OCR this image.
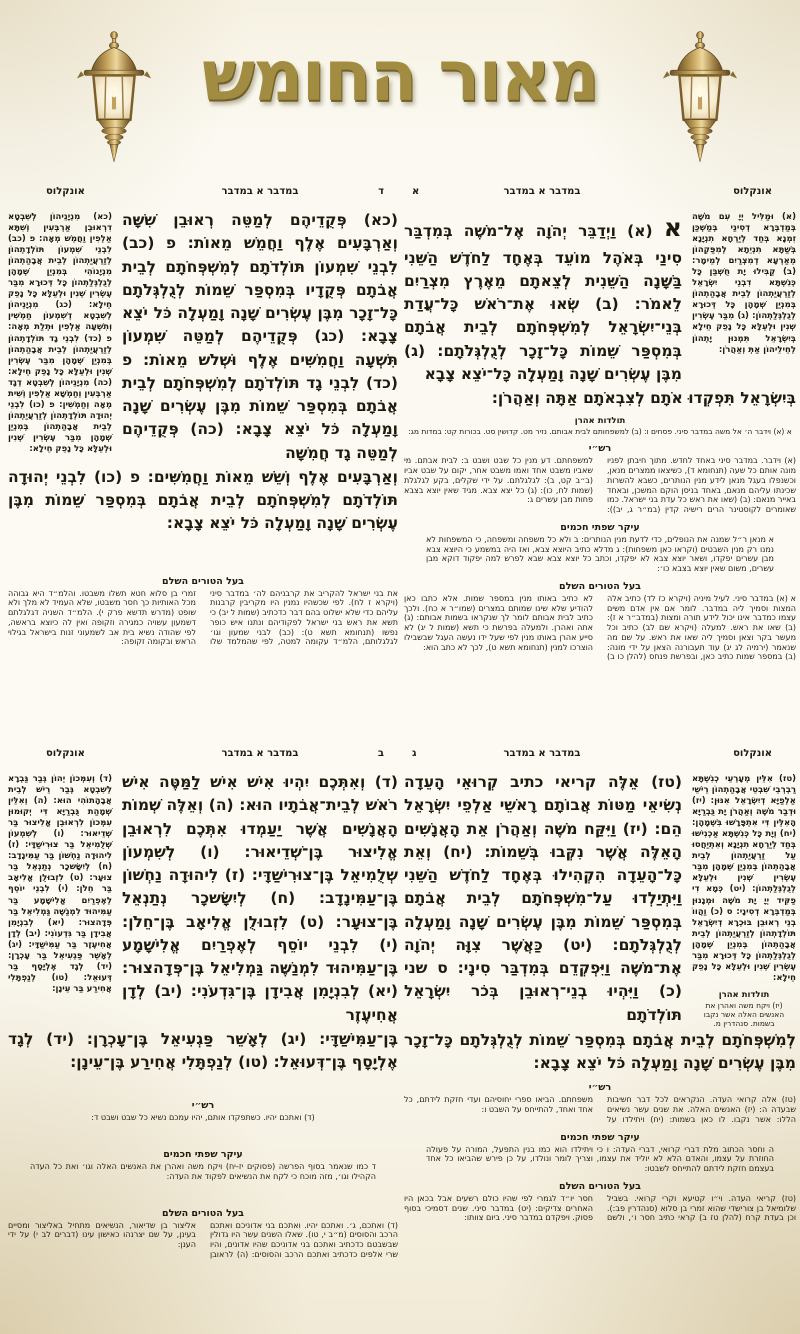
מאור החומש
א	במדבר א במדבר	אונקלוס

(א) וּמַלִּיל יְיָ עִם מֹשֶׁה בְּמַדְבְּרָא דְסִינַי בְּמַשְׁכַּן זִמְנָא בְּחַד לְיַרְחָא תִנְיָנָא בְּשַׁתָּא תִנְיֵתָא לְמִפַּקְהוֹן מֵאַרְעָא דְמִצְרַיִם לְמֵימָר: (ב) קַבִּילוּ יָת חֻשְׁבַּן כָּל כְּנִשְׁתָּא דִבְנֵי יִשְׂרָאֵל לְזַרְעֲיַתְהוֹן לְבֵית אֲבָהַתְהוֹן בְּמִנְיַן שְׁמָהָן כָּל דְּכוּרָא לְגֻלְגְּלַתְהוֹן: (ג) מִבַּר עֶשְׂרִין שְׁנִין וּלְעֵלָּא כָּל נָפֵק חֵילָא בְּיִשְׂרָאֵל תִּמְנוּן יָתְהוֹן לְחֵילֵיהוֹן אַתְּ וְאַהֲרֹן:

א (א) וַיְדַבֵּר יְהֹוָה אֶל־מֹשֶׁה בְּמִדְבַּר סִינַי בְּאֹהֶל מוֹעֵד בְּאֶחָד לַחֹדֶשׁ הַשֵּׁנִי בַּשָּׁנָה הַשֵּׁנִית לְצֵאתָם מֵאֶרֶץ מִצְרַיִם לֵאמֹר: (ב) שְׂאוּ אֶת־רֹאשׁ כָּל־עֲדַת בְּנֵי־יִשְׂרָאֵל לְמִשְׁפְּחֹתָם לְבֵית אֲבֹתָם בְּמִסְפַּר שֵׁמוֹת כָּל־זָכָר לְגֻלְגְּלֹתָם: (ג) מִבֶּן עֶשְׂרִים שָׁנָה וָמַעְלָה כָּל־יֹצֵא צָבָא

בְּיִשְׂרָאֵל תִּפְקְדוּ אֹתָם לְצִבְאֹתָם אַתָּה וְאַהֲרֹן:

תולדות אהרן

א (א) וידבר ה׳ אל משה במדבר סיני. פסחים ו: (ב) למשפחותם לבית אבותם. נזיר מט. קדושין סט. בכורות קט: במדות מג:

רש״י

(א) וידבר. במדבר סיני באחד לחדש. מתוך חיבתן לפניו מונה אותם כל שעה (תנחומא ד), כשיצאו ממצרים מנאן, וכשנפלו בעגל מנאן לידע מנין הנותרים, כשבא להשרות שכינתו עליהם מנאם, באחד בניסן הוקם המשכן, ובאחד באייר מנאם: (ב) (שאו את ראש כל עדת בני ישראל. כמו שאומרים לקוסטינר הרים רישיה קדין (במ״ר ג, יב)): למשפחתם. דע מנין כל שבט ושבט ב: לבית אבתם. מי שאביו משבט אחד ואמו משבט אחר, יקום על שבט אביו (ב״ב קט, ב): לגלגלתם. על ידי שקלים, בקע לגלגלת (שמות לח, כו): (ג) כל יצא צבא. מגיד שאין יוצא בצבא פחות מבן עשרים ג:

עיקר שפתי חכמים

א מנאן ר״ל שמנה את הנופלים, כדי לדעת מנין הנותרים: ב ולא כל משפחה ומשפחה, כי המשפחות לא נמנו רק מנין השבטים (וקראו כאן משפחות): ג מדלא כתיב היוצא צבא, ואז היה במשמע כי היוצא צבא מבן עשרים יפקדו, ושאר יוצא צבא לא יפקדו, וכתב כל יוצא צבא שבא לפרש למה יפקוד דוקא מבן עשרים, משום שאין יוצא בצבא כו׳:

בעל הטורים השלם

א (א) במדבר סיני. לעיל מיניה (ויקרא כז לד) כתיב אלה המצות וסמיך ליה במדבר. לומר אם אין אדם משים עצמו כמדבר אינו יכול לידע תורה ומצות (במדב״ר א ז): (ב) שאו את ראש. למעלה (ויקרא שם לב) כתיב וכל מעשר בקר וצאן וסמיך ליה שאו את ראש. על שם מה שנאמר (ירמיה לג יג) עוד תעבורנה הצאן על ידי מונה: (ב) במספר שמות כתיב כאן, ובפרשת פנחס (להלן כו ב) לא כתיב באותו מנין במספר שמות. אלא כתבו כאן להודיע שלא שינו שמותם במצרים (שמו״ר א כח). ולכך כתיב לבית אבותם לומר לך שנקראו בשמות אבותם: (ג) אתה ואהרן. ולמעלה בפרשת כי תשא (שמות ל יג) לא סייע אהרן באותו מנין לפי שעל ידו נעשה העגל שבשבילו הוצרכו למנין (תנחומא תשא ט), לכך לא כתב הוא:

ד
במדבר א במדבר
אונקלוס

(כא) פְּקֻדֵיהֶם לְמַטֵּה רְאוּבֵן שִׁשָּׁה וְאַרְבָּעִים אֶלֶף וַחֲמֵשׁ מֵאוֹת: פ (כב) לִבְנֵי שִׁמְעוֹן תּוֹלְדֹתָם לְמִשְׁפְּחֹתָם לְבֵית אֲבֹתָם פְּקֻדָיו בְּמִסְפַּר שֵׁמוֹת לְגֻלְגְּלֹתָם כָּל־זָכָר מִבֶּן עֶשְׂרִים שָׁנָה וָמַעְלָה כֹּל יֹצֵא צָבָא: (כג) פְּקֻדֵיהֶם לְמַטֵּה שִׁמְעוֹן תִּשְׁעָה וַחֲמִשִּׁים אֶלֶף וּשְׁלֹשׁ מֵאוֹת: פ (כד) לִבְנֵי גָד תּוֹלְדֹתָם לְמִשְׁפְּחֹתָם לְבֵית אֲבֹתָם בְּמִסְפַּר שֵׁמוֹת מִבֶּן עֶשְׂרִים שָׁנָה וָמַעְלָה כֹּל יֹצֵא צָבָא: (כה) פְּקֻדֵיהֶם לְמַטֵּה גָד חֲמִשָּׁה

(כא) מִנְיָנֵיהוֹן לְשִׁבְטָא דִרְאוּבֵן אַרְבְּעִין וְשִׁתָּא אַלְפִין וַחֲמֵשׁ מְאָה: פ (כב) לִבְנֵי שִׁמְעוֹן תּוֹלְדָתְהוֹן לְזַרְעֲיַתְהוֹן לְבֵית אֲבָהַתְהוֹן מִנְיָנוֹהִי בְּמִנְיַן שְׁמָהָן לְגֻלְגְּלַתְהוֹן כָּל דְּכוּרָא מִבַּר עֶשְׂרִין שְׁנִין וּלְעֵלָּא כָּל נָפֵק חֵילָא: (כג) מִנְיָנֵיהוֹן לְשִׁבְטָא דְשִׁמְעוֹן חַמְשִׁין וְתִשְׁעָה אַלְפִין וּתְלַת מְאָה: פ (כד) לִבְנֵי גָד תּוֹלְדָתְהוֹן לְזַרְעֲיַתְהוֹן לְבֵית אֲבָהַתְהוֹן בְּמִנְיַן שְׁמָהָן מִבַּר עֶשְׂרִין שְׁנִין וּלְעֵלָּא כָּל נָפֵק חֵילָא: (כה) מִנְיָנֵיהוֹן לְשִׁבְטָא דְגָד אַרְבְּעִין וְחַמְשָׁא אַלְפִין וְשִׁית מְאָה וְחַמְשִׁין: פ (כו) לִבְנֵי יְהוּדָה תּוֹלְדָתְהוֹן לְזַרְעֲיַתְהוֹן לְבֵית אֲבָהַתְהוֹן בְּמִנְיַן שְׁמָהָן מִבַּר עֶשְׂרִין שְׁנִין וּלְעֵלָּא כָּל נָפֵק חֵילָא:

וְאַרְבָּעִים אֶלֶף וְשֵׁשׁ מֵאוֹת וַחֲמִשִּׁים: פ (כו) לִבְנֵי יְהוּדָה תּוֹלְדֹתָם לְמִשְׁפְּחֹתָם לְבֵית אֲבֹתָם בְּמִסְפַּר שֵׁמוֹת מִבֶּן עֶשְׂרִים שָׁנָה וָמַעְלָה כֹּל יֹצֵא צָבָא:

בעל הטורים השלם

את בני ישראל להקריב את קרבניהם לה׳ במדבר סיני (ויקרא ז לח). לפי שכשהיו נמנין היו מקריבין קרבנות עליהם כדי שלא ישלוט בהם דבר כדכתיב (שמות ל יב) כי תשא את ראש בני ישראל לפקודיהם ונתנו איש כופר נפשו (תנחומא תשא ט): (כב) לבני שמעון וגו׳ לגלגלותם, הלמ״ד עקומה למטה, לפי שהמלמד שלו זמרי בן סלוא חטא תשלו משבטו. והלמ״ד היא גבוהה מכל האותיות כך חסר משבטו, שלא העמיד לא מלך ולא שופט (מדרש תדשא פרק י). הלמ״ד השניה דגלגלתם דשמעון עשויה כמגירה וזקופה ואין לה כיוצא בראשה, לפי שהודה נשיא בית אב לשמעוני זנות בישראל בגילוי הראש ובקומה זקופה:

ג	במדבר א במדבר	אונקלוס

(טז) אִלֵּין מְעָרְעֵי כְנִשְׁתָּא רַבְרְבֵי שִׁבְטֵי אֲבָהַתְהוֹן רֵישֵׁי אַלְפַיָּא דְיִשְׂרָאֵל אִנּוּן: (יז) וּדְבַר מֹשֶׁה וְאַהֲרֹן יָת גֻּבְרַיָּא הָאִלֵּין דִּי אִתְפָּרָשׁוּ בִּשְׁמָהָן: (יח) וְיָת כָּל כְּנִשְׁתָּא אַכְנִישׁוּ בְּחַד לְיַרְחָא תִנְיָנָא וְאִתְיַחֲסוּ עַל זַרְעֲיַתְהוֹן לְבֵית אֲבָהַתְהוֹן בְּמִנְיַן שְׁמָהָן מִבַּר עֶשְׂרִין שְׁנִין וּלְעֵלָּא לְגֻלְגְּלַתְהוֹן: (יט) כְּמָא דִי פַקִּיד יְיָ יָת מֹשֶׁה וּמְנָנוּן בְּמַדְבְּרָא דְסִינָי: ס (כ) וַהֲווֹ בְנֵי רְאוּבֵן בּוּכְרָא דְיִשְׂרָאֵל תּוֹלְדָתְהוֹן לְזַרְעֲיַתְהוֹן לְבֵית אֲבָהַתְהוֹן בְּמִנְיַן שְׁמָהָן לְגֻלְגְּלַתְהוֹן כָּל דְּכוּרָא מִבַּר עֶשְׂרִין שְׁנִין וּלְעֵלָּא כָּל נָפֵק חֵילָא:

תולדות אהרן

(יז) ויקח משה ואהרן את האנשים האלה אשר נקבו בשמות. סנהדרין מ.

(טז) אֵלֶּה קריאי כתיב קְרוּאֵי הָעֵדָה נְשִׂיאֵי מַטּוֹת אֲבוֹתָם רָאשֵׁי אַלְפֵי יִשְׂרָאֵל הֵם: (יז) וַיִּקַּח מֹשֶׁה וְאַהֲרֹן אֵת הָאֲנָשִׁים הָאֵלֶּה אֲשֶׁר נִקְּבוּ בְּשֵׁמוֹת: (יח) וְאֵת כָּל־הָעֵדָה הִקְהִילוּ בְּאֶחָד לַחֹדֶשׁ הַשֵּׁנִי וַיִּתְיַלְדוּ עַל־מִשְׁפְּחֹתָם לְבֵית אֲבֹתָם בְּמִסְפַּר שֵׁמוֹת מִבֶּן עֶשְׂרִים שָׁנָה וָמַעְלָה לְגֻלְגְּלֹתָם: (יט) כַּאֲשֶׁר צִוָּה יְהֹוָה אֶת־מֹשֶׁה וַיִּפְקְדֵם בְּמִדְבַּר סִינָי: ס שני (כ) וַיִּהְיוּ בְנֵי־רְאוּבֵן בְּכֹר יִשְׂרָאֵל תּוֹלְדֹתָם

לְמִשְׁפְּחֹתָם לְבֵית אֲבֹתָם בְּמִסְפַּר שֵׁמוֹת לְגֻלְגְּלֹתָם כָּל־זָכָר מִבֶּן עֶשְׂרִים שָׁנָה וָמַעְלָה כֹּל יֹצֵא צָבָא:

רש״י

(טז) אלה קרואי העדה. הנקראים לכל דבר חשיבות שבעדה ה: (יז) האנשים האלה. את שנים עשר נשיאים הללו: אשר נקבו. לו כאן בשמות: (יח) ויתילדו על משפחתם. הביאו ספרי יחוסיהם ועדי חזקת לידתם, כל אחד ואחד, להתייחס על השבט ו:

עיקר שפתי חכמים

ה וחסר הכתוב מלת דברי קרואי, דברי העדה: ו כי ויתילדו הוא כמו בנין התפעל, המורה על פעולה החוזרת על עצמו, והאדם הלא לא יוליד את עצמו, וצריך לומר ונולדו, על כן פירש שהביאו כל אחד בעצמם חזקת לידתם להתייחס לשבטו:

בעל הטורים השלם

(טז) קריאי העדה. וי״ו קטיעא וקרי קרואי. בשביל שלומיאל בן צורישדי שהוא זמרי בן סלוא (סנהדרין פב:). וכן בעדת קרח (להלן טז ב) קראי כתיב חסר ו׳, ולשם חסר יו״ד לגמרי לפי שהיו כולם רשעים אבל בכאן היו האחרים צדיקים: (יט) במדבר סיני. שנים דסמיכי בסוף פסוק. ויפקדם במדבר סיני. ביום צוותו:

ב
במדבר א במדבר
אונקלוס

(ד) וְאִתְּכֶם יִהְיוּ אִישׁ אִישׁ לַמַּטֶּה אִישׁ רֹאשׁ לְבֵית־אֲבֹתָיו הוּא: (ה) וְאֵלֶּה שְׁמוֹת הָאֲנָשִׁים אֲשֶׁר יַעַמְדוּ אִתְּכֶם לִרְאוּבֵן אֱלִיצוּר בֶּן־שְׁדֵיאוּר: (ו) לְשִׁמְעוֹן שְׁלֻמִיאֵל בֶּן־צוּרִישַׁדָּי: (ז) לִיהוּדָה נַחְשׁוֹן בֶּן־עַמִּינָדָב: (ח) לְיִשָּׂשכָר נְתַנְאֵל בֶּן־צוּעָר: (ט) לִזְבוּלֻן אֱלִיאָב בֶּן־חֵלֹן: (י) לִבְנֵי יוֹסֵף לְאֶפְרַיִם אֱלִישָׁמָע בֶּן־עַמִּיהוּד לִמְנַשֶּׁה גַּמְלִיאֵל בֶּן־פְּדָהצוּר: (יא) לְבִנְיָמִן אֲבִידָן בֶּן־גִּדְעֹנִי: (יב) לְדָן אֲחִיעֶזֶר

(ד) וְעִמְּכוֹן יְהוֹן גְּבַר גַּבְרָא לְשִׁבְטָא גְּבַר רֵישׁ לְבֵית אֲבָהָתוֹהִי הוּא: (ה) וְאִלֵּין שְׁמָהַת גֻּבְרַיָּא דִּי יְקוּמוּן עִמְּכוֹן לִרְאוּבֵן אֱלִיצוּר בַּר שְׁדֵיאוּר: (ו) לְשִׁמְעוֹן שְׁלֻמִיאֵל בַּר צוּרִישַׁדָּי: (ז) לִיהוּדָה נַחְשׁוֹן בַּר עַמִּינָדָב: (ח) לְיִשָּׂשכָר נְתַנְאֵל בַּר צוּעָר: (ט) לִזְבוּלֻן אֱלִיאָב בַּר חֵלֹן: (י) לִבְנֵי יוֹסֵף לְאֶפְרַיִם אֱלִישָׁמָע בַּר עַמִּיהוּד לִמְנַשֶּׁה גַּמְלִיאֵל בַּר פְּדָהצוּר: (יא) לְבִנְיָמִן אֲבִידָן בַּר גִּדְעוֹנִי: (יב) לְדָן אֲחִיעֶזֶר בַּר עַמִּישַׁדָּי: (יג) לְאָשֵׁר פַּגְעִיאֵל בַּר עָכְרָן: (יד) לְגָד אֶלְיָסָף בַּר דְּעוּאֵל: (טו) לְנַפְתָּלִי אֲחִירַע בַּר עֵינָן:

בֶּן־עַמִּישַׁדָּי: (יג) לְאָשֵׁר פַּגְעִיאֵל בֶּן־עָכְרָן: (יד) לְגָד אֶלְיָסָף בֶּן־דְּעוּאֵל: (טו) לְנַפְתָּלִי אֲחִירַע בֶּן־עֵינָן:

רש״י

(ד) ואתכם יהיו. כשתפקדו אותם, יהיו עמכם נשיא כל שבט ושבט ד:

עיקר שפתי חכמים

ד כמו שנאמר בסוף הפרשה (פסוקים יז-יח) ויקח משה ואהרן את האנשים האלה וגו׳ ואת כל העדה הקהילו וגו׳, מזה מוכח כי לקח את הנשיאים לפקוד את העדה:

בעל הטורים השלם

(ד) ואתכם, ג׳. ואתכם יהיו. ואתכם בני אדוניכם ואתכם הרכב והסוסים (מ״ב י, טו). שאלו השנים עשר היו גדולין שבשבטם כדכתיב ואתכם בני אדוניכם שהיו אדונים, והיו שרי אלפים כדכתיב ואתכם הרכב והסוסים: (ה) לראובן אליצור בן שדיאור, הנשיאים מתחיל באליצור ומסיים בעינן, על שם יצרנהו כאישון עינו (דברים לב י) על ידי הענן:
